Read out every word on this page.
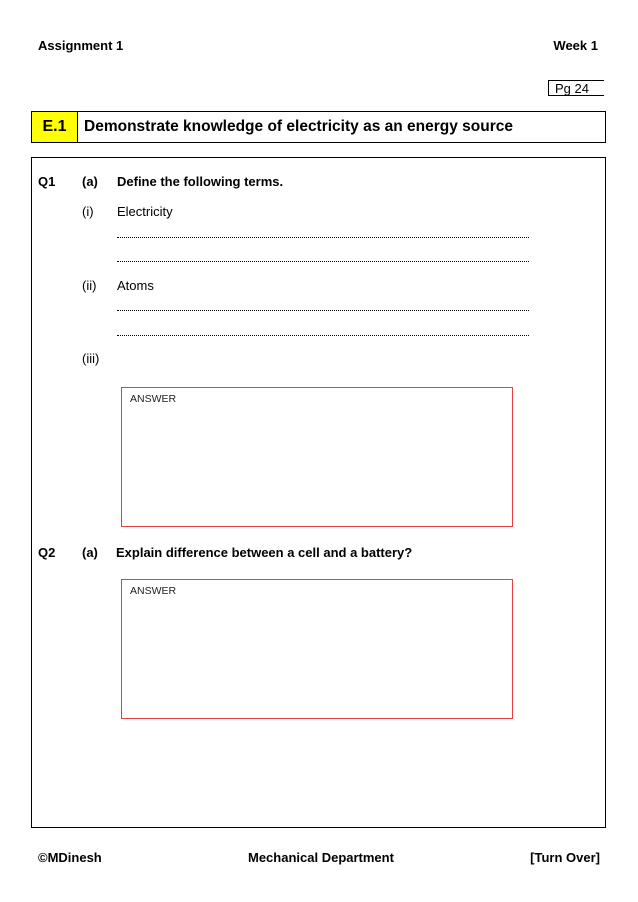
Assignment 1	Week 1
Pg 24
E.1	Demonstrate knowledge of electricity as an energy source
Q1 (a) Define the following terms.
(i) Electricity
(ii) Atoms
(iii)
ANSWER
Q2 (a) Explain difference between a cell and a battery?
ANSWER
©MDinesh	Mechanical Department	[Turn Over]
